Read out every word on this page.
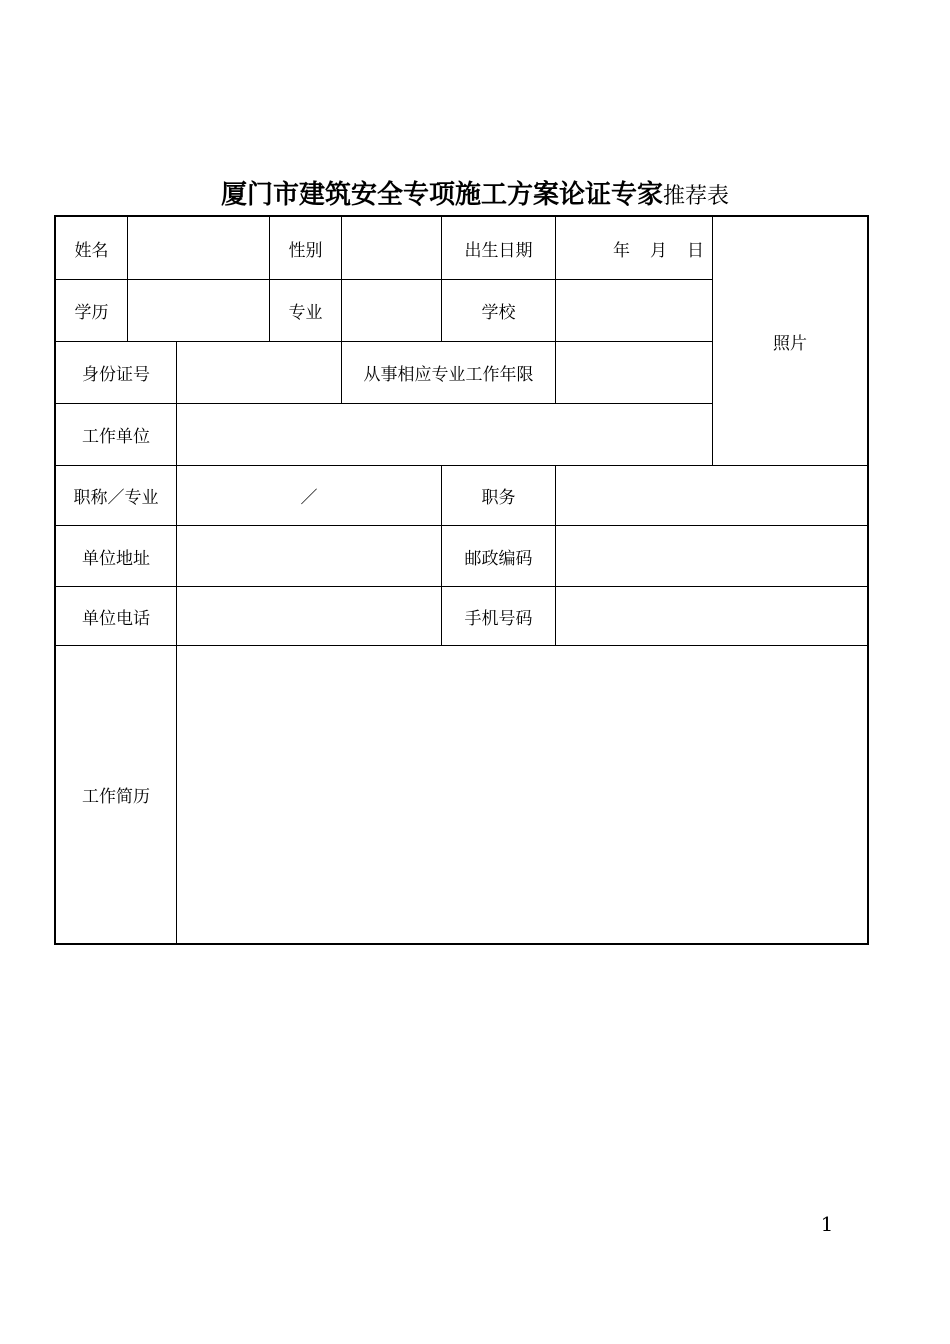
厦门市建筑安全专项施工方案论证专家推荐表
姓名	性别	出生日期	年 月 日
照片
学历	专业	学校
身份证号	从事相应专业工作年限
工作单位
职称／专业	／	职务
单位地址	邮政编码
单位电话	手机号码
工作简历
1
